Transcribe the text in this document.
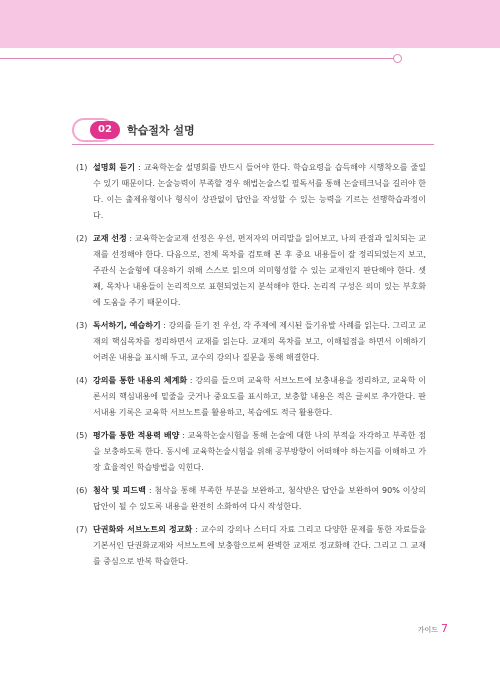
02	학습절차 설명
(1) 설명회 듣기 : 교육학논술 설명회를 반드시 들어야 한다. 학습요령을 습득해야 시행착오를 줄일 수 있기 때문이다. 논술능력이 부족할 경우 해법논술스킬 필독서를 통해 논술테크닉을 길러야 한다. 이는 출제유형이나 형식이 상관없이 답안을 작성할 수 있는 능력을 기르는 선행학습과정이다.
(2) 교재 선정 : 교육학논술교재 선정은 우선, 편저자의 머리말을 읽어보고, 나의 관점과 일치되는 교재를 선정해야 한다. 다음으로, 전체 목차를 검토해 본 후 중요 내용들이 잘 정리되었는지 보고, 주관식 논술형에 대응하기 위해 스스로 읽으며 의미형성할 수 있는 교재인지 판단해야 한다. 셋째, 목차나 내용들이 논리적으로 표현되었는지 분석해야 한다. 논리적 구성은 의미 있는 부호화에 도움을 주기 때문이다.
(3) 독서하기, 예습하기 : 강의를 듣기 전 우선, 각 주제에 제시된 들기유발 사례를 읽는다. 그리고 교재의 핵심목차를 정리하면서 교재를 읽는다. 교재의 목차를 보고, 이해됩점을 하면서 이해하기 어려운 내용을 표시해 두고, 교수의 강의나 질문을 통해 해결한다.
(4) 강의를 통한 내용의 체계화 : 강의를 들으며 교육학 서브노트에 보충내용을 정리하고, 교육학 이론서의 핵심내용에 밑줄을 긋거나 중요도를 표시하고, 보충할 내용은 적은 글씨로 추가한다. 판서내용 기록은 교육학 서브노트를 활용하고, 복습에도 적극 활용한다.
(5) 평가를 통한 적용력 배양 : 교육학논술시험을 통해 논술에 대한 나의 부적을 자각하고 부족한 점을 보충하도록 한다. 동시에 교육학논술시험을 위해 공부방향이 어떠해야 하는지를 이해하고 가장 효율적인 학습방법을 익힌다.
(6) 첨삭 및 피드백 : 첨삭을 통해 부족한 부분을 보완하고, 첨삭받은 답안을 보완하여 90% 이상의 답안이 될 수 있도록 내용을 완전히 소화하여 다시 작성한다.
(7) 단권화와 서브노트의 정교화 : 교수의 강의나 스터디 자료 그리고 다양한 문제를 통한 자료들을 기본서인 단권화교재와 서브노트에 보충함으로써 완벽한 교재로 정교화해 간다. 그리고 그 교재를 중심으로 반복 학습한다.
가이드 7
